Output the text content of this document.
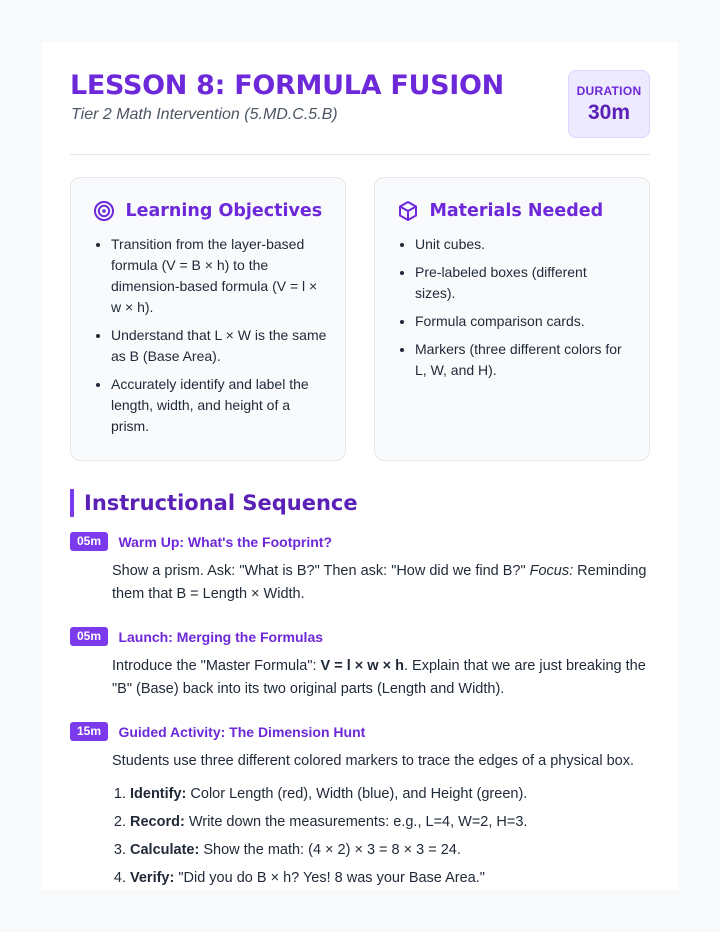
LESSON 8: FORMULA FUSION
Tier 2 Math Intervention (5.MD.C.5.B)
DURATION
30m
Learning Objectives
• Transition from the layer-based formula (V = B × h) to the dimension-based formula (V = l × w × h).
• Understand that L × W is the same as B (Base Area).
• Accurately identify and label the length, width, and height of a prism.
Materials Needed
• Unit cubes.
• Pre-labeled boxes (different sizes).
• Formula comparison cards.
• Markers (three different colors for L, W, and H).
Instructional Sequence
05m Warm Up: What's the Footprint?

Show a prism. Ask: "What is B?" Then ask: "How did we find B?" Focus: Reminding them that B = Length × Width.

05m Launch: Merging the Formulas

Introduce the "Master Formula": V = l × w × h. Explain that we are just breaking the "B" (Base) back into its two original parts (Length and Width).

15m Guided Activity: The Dimension Hunt

Students use three different colored markers to trace the edges of a physical box.

1. Identify: Color Length (red), Width (blue), and Height (green).
2. Record: Write down the measurements: e.g., L=4, W=2, H=3.
3. Calculate: Show the math: (4 × 2) × 3 = 8 × 3 = 24.
4. Verify: "Did you do B × h? Yes! 8 was your Base Area."
